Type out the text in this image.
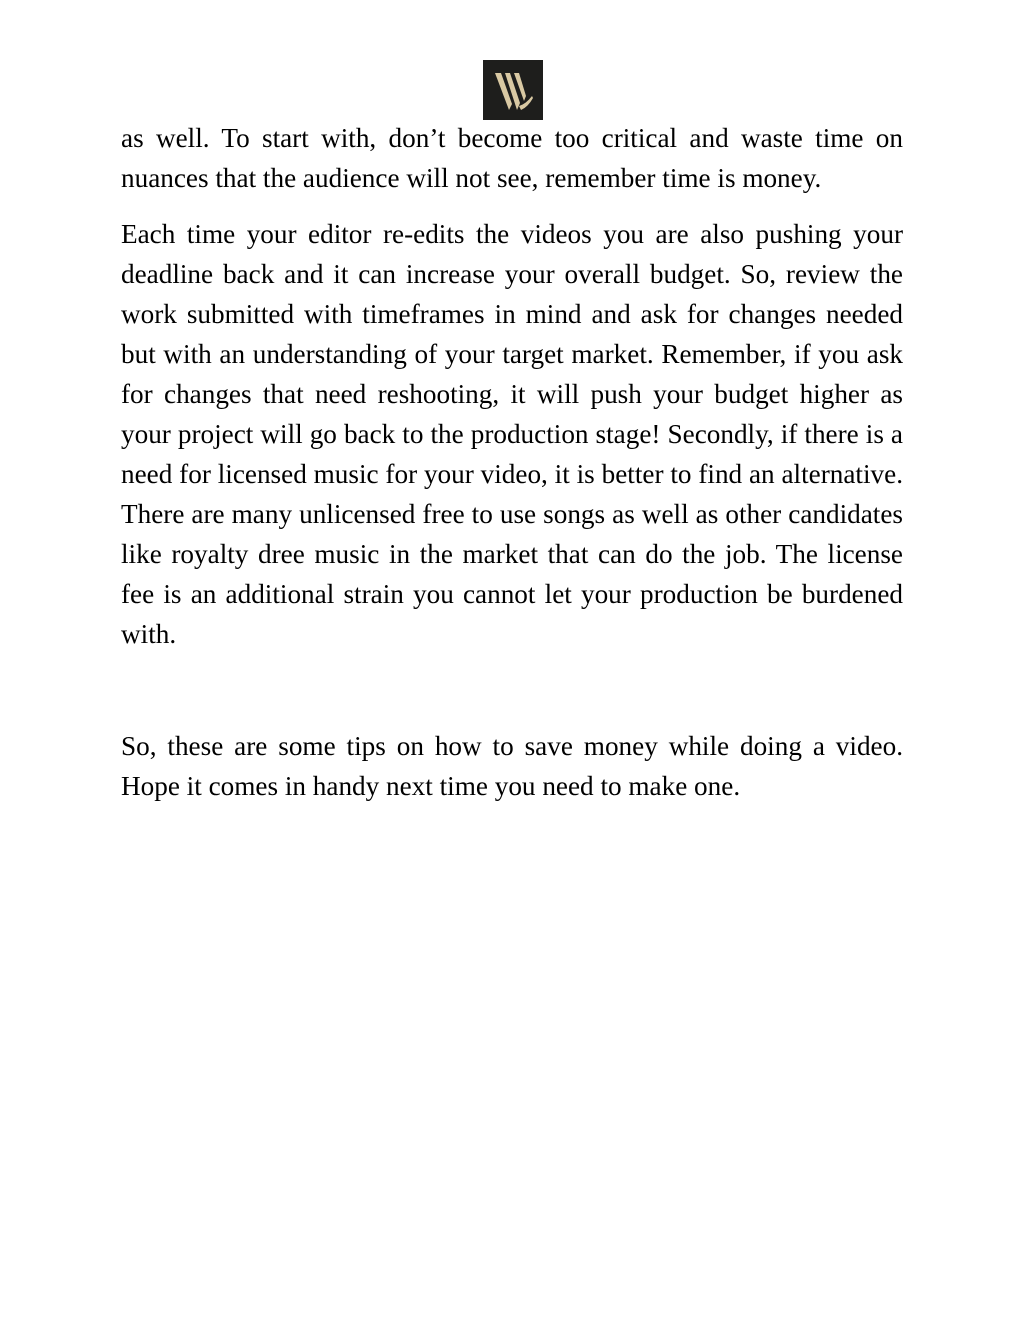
as well. To start with, don’t become too critical and waste time on nuances that the audience will not see, remember time is money.

Each time your editor re-edits the videos you are also pushing your deadline back and it can increase your overall budget. So, review the work submitted with timeframes in mind and ask for changes needed but with an understanding of your target market. Remember, if you ask for changes that need reshooting, it will push your budget higher as your project will go back to the production stage! Secondly, if there is a need for licensed music for your video, it is better to find an alternative. There are many unlicensed free to use songs as well as other candidates like royalty dree music in the market that can do the job. The license fee is an additional strain you cannot let your production be burdened with.

So, these are some tips on how to save money while doing a video. Hope it comes in handy next time you need to make one.
